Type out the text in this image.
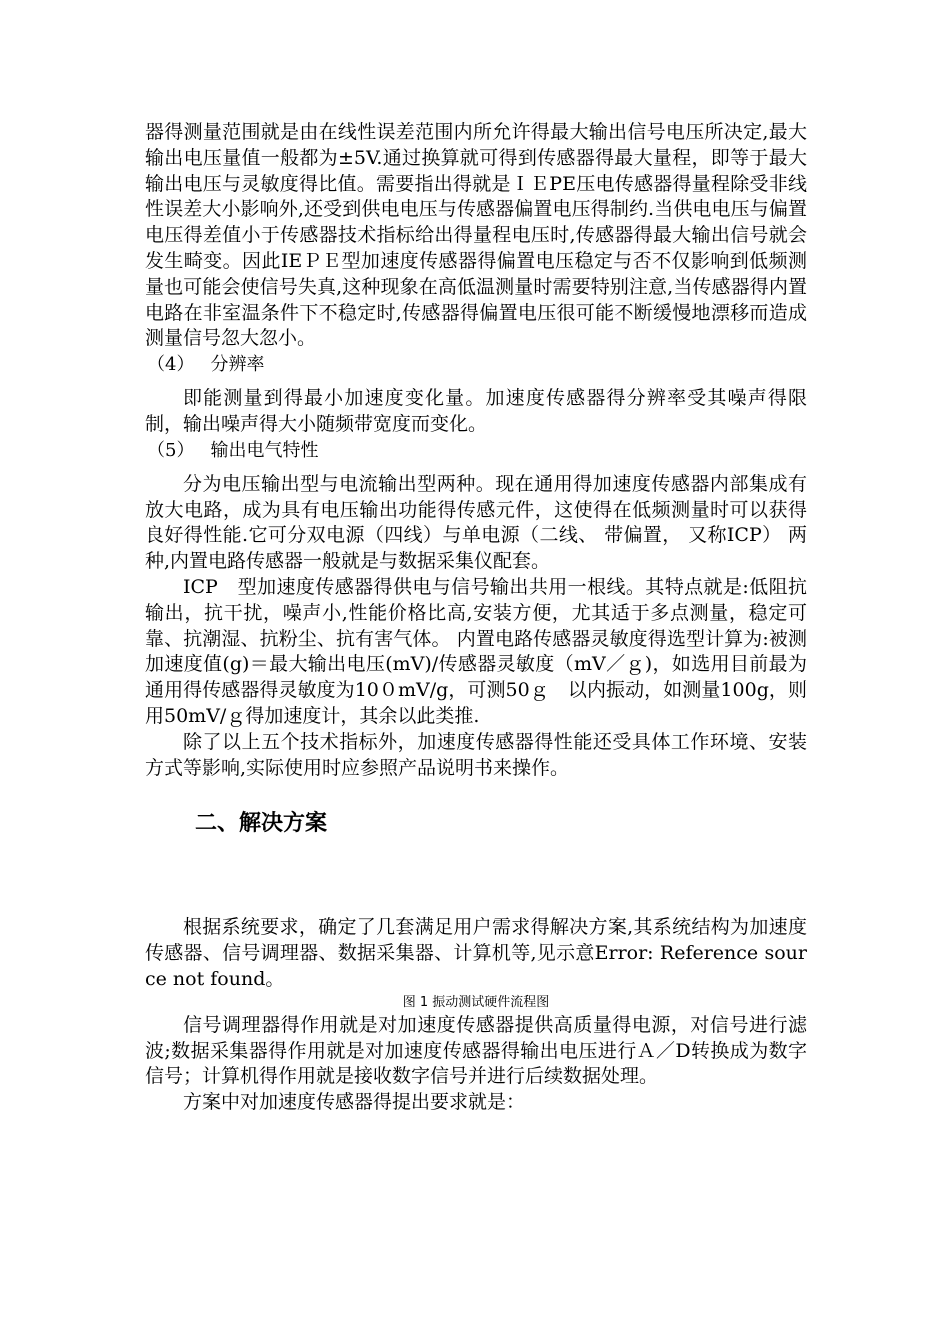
器得测量范围就是由在线性误差范围内所允许得最大输出信号电压所决定,最大输出电压量值一般都为±5V.通过换算就可得到传感器得最大量程，即等于最大输出电压与灵敏度得比值。需要指出得就是ＩＥPE压电传感器得量程除受非线性误差大小影响外,还受到供电电压与传感器偏置电压得制约.当供电电压与偏置电压得差值小于传感器技术指标给出得量程电压时,传感器得最大输出信号就会发生畸变。因此IEＰＥ型加速度传感器得偏置电压稳定与否不仅影响到低频测量也可能会使信号失真,这种现象在高低温测量时需要特别注意,当传感器得内置电路在非室温条件下不稳定时,传感器得偏置电压很可能不断缓慢地漂移而造成测量信号忽大忽小。

（4） 分辨率

即能测量到得最小加速度变化量。加速度传感器得分辨率受其噪声得限制，输出噪声得大小随频带宽度而变化。

（5） 输出电气特性

分为电压输出型与电流输出型两种。现在通用得加速度传感器内部集成有放大电路，成为具有电压输出功能得传感元件，这使得在低频测量时可以获得良好得性能.它可分双电源（四线）与单电源（二线、 带偏置， 又称ICP） 两种,内置电路传感器一般就是与数据采集仪配套。

ICP　型加速度传感器得供电与信号输出共用一根线。其特点就是:低阻抗输出，抗干扰，噪声小,性能价格比高,安装方便，尤其适于多点测量，稳定可靠、抗潮湿、抗粉尘、抗有害气体。 内置电路传感器灵敏度得选型计算为:被测加速度值(g)＝最大输出电压(mV)/传感器灵敏度（mV／ｇ)，如选用目前最为通用得传感器得灵敏度为10０mV/g，可测50ｇ　以内振动，如测量100g，则用50mV/ｇ得加速度计，其余以此类推.

除了以上五个技术指标外，加速度传感器得性能还受具体工作环境、安装方式等影响,实际使用时应参照产品说明书来操作。

二、解决方案

根据系统要求，确定了几套满足用户需求得解决方案,其系统结构为加速度传感器、信号调理器、数据采集器、计算机等,见示意Error: Reference source not found。

图 1 振动测试硬件流程图

信号调理器得作用就是对加速度传感器提供高质量得电源，对信号进行滤波;数据采集器得作用就是对加速度传感器得输出电压进行Ａ／D转换成为数字信号；计算机得作用就是接收数字信号并进行后续数据处理。

方案中对加速度传感器得提出要求就是：
